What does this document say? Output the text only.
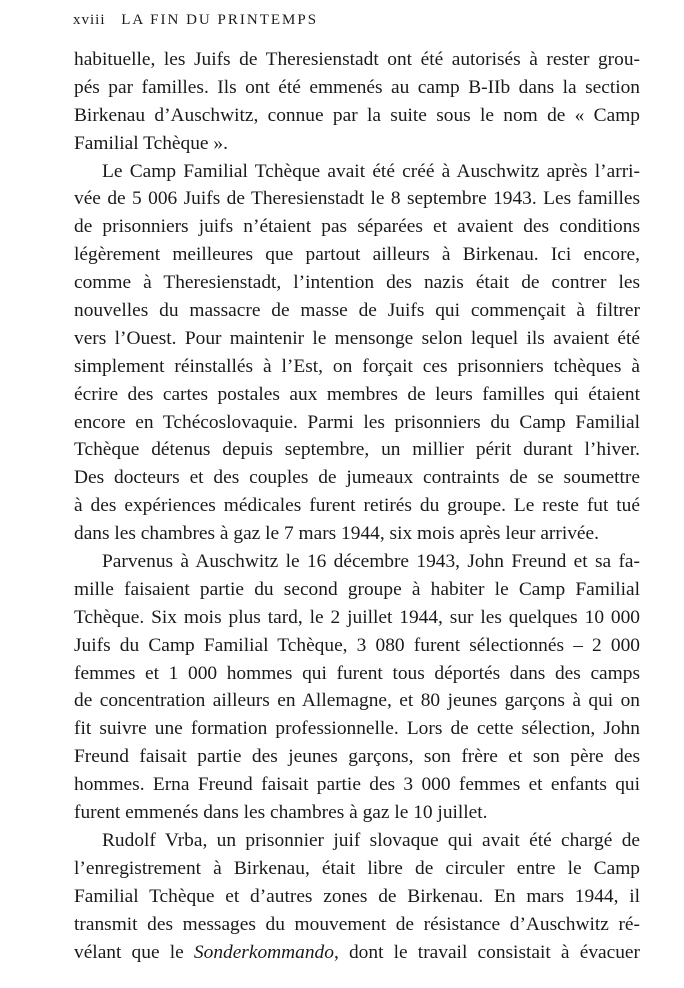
xviii LA FIN DU PRINTEMPS
habituelle, les Juifs de Theresienstadt ont été autorisés à rester grou-
pés par familles. Ils ont été emmenés au camp B-IIb dans la section
Birkenau d’Auschwitz, connue par la suite sous le nom de « Camp
Familial Tchèque ».
Le Camp Familial Tchèque avait été créé à Auschwitz après l’arri-
vée de 5 006 Juifs de Theresienstadt le 8 septembre 1943. Les familles
de prisonniers juifs n’étaient pas séparées et avaient des conditions
légèrement meilleures que partout ailleurs à Birkenau. Ici encore,
comme à Theresienstadt, l’intention des nazis était de contrer les
nouvelles du massacre de masse de Juifs qui commençait à filtrer
vers l’Ouest. Pour maintenir le mensonge selon lequel ils avaient été
simplement réinstallés à l’Est, on forçait ces prisonniers tchèques à
écrire des cartes postales aux membres de leurs familles qui étaient
encore en Tchécoslovaquie. Parmi les prisonniers du Camp Familial
Tchèque détenus depuis septembre, un millier périt durant l’hiver.
Des docteurs et des couples de jumeaux contraints de se soumettre
à des expériences médicales furent retirés du groupe. Le reste fut tué
dans les chambres à gaz le 7 mars 1944, six mois après leur arrivée.
Parvenus à Auschwitz le 16 décembre 1943, John Freund et sa fa-
mille faisaient partie du second groupe à habiter le Camp Familial
Tchèque. Six mois plus tard, le 2 juillet 1944, sur les quelques 10 000
Juifs du Camp Familial Tchèque, 3 080 furent sélectionnés – 2 000
femmes et 1 000 hommes qui furent tous déportés dans des camps
de concentration ailleurs en Allemagne, et 80 jeunes garçons à qui on
fit suivre une formation professionnelle. Lors de cette sélection, John
Freund faisait partie des jeunes garçons, son frère et son père des
hommes. Erna Freund faisait partie des 3 000 femmes et enfants qui
furent emmenés dans les chambres à gaz le 10 juillet.
Rudolf Vrba, un prisonnier juif slovaque qui avait été chargé de
l’enregistrement à Birkenau, était libre de circuler entre le Camp
Familial Tchèque et d’autres zones de Birkenau. En mars 1944, il
transmit des messages du mouvement de résistance d’Auschwitz ré-
vélant que le Sonderkommando, dont le travail consistait à évacuer
